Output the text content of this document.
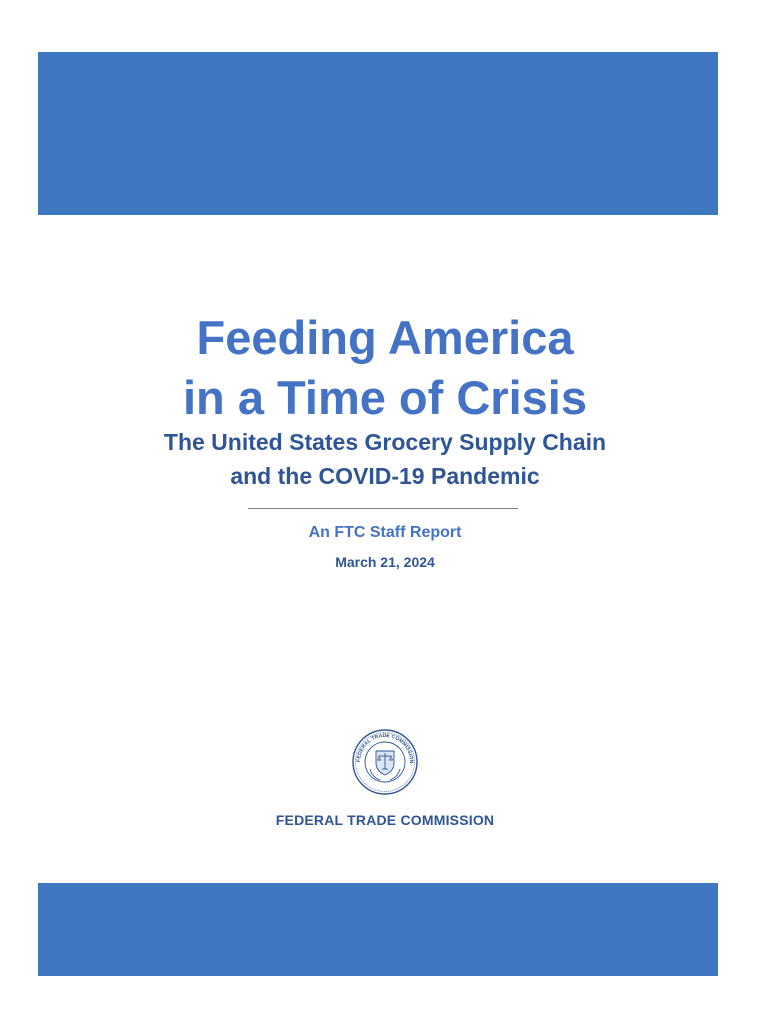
Feeding America
in a Time of Crisis
The United States Grocery Supply Chain
and the COVID-19 Pandemic
An FTC Staff Report
March 21, 2024
FEDERAL TRADE COMMISSION
FEDERAL TRADE COMMISSION
